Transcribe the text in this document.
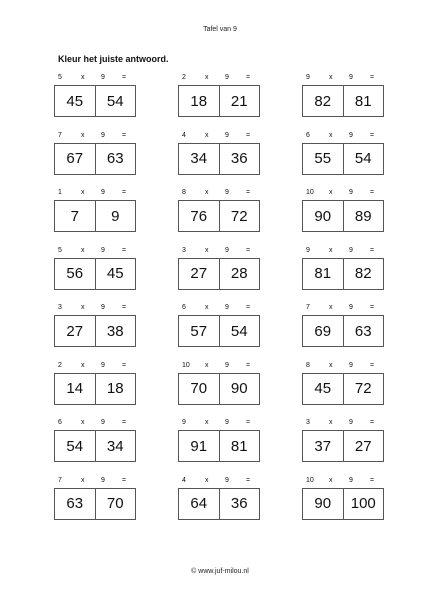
Tafel van 9
Kleur het juiste antwoord.
5	x 9 =
45	54
2	x 9 =
18	21
9	x 9 =
82	81
7	x 9 =
67	63
4	x 9 =
34	36
6	x 9 =
55	54
1	x 9 =
7	9
8	x 9 =
76	72
10 x 9 =
90	89
5	x 9 =
56	45
3	x 9 =
27	28
9	x 9 =
81	82
3	x 9 =
27	38
6	x 9 =
57	54
7	x 9 =
69	63
2	x 9 =
14	18
10 x 9 =
70	90
8	x 9 =
45	72
6	x 9 =
54	34
9	x 9 =
91	81
3	x 9 =
37	27
7	x 9 =
63	70
4	x 9 =
64	36
10 x 9 =
90	100
© www.juf-milou.nl
